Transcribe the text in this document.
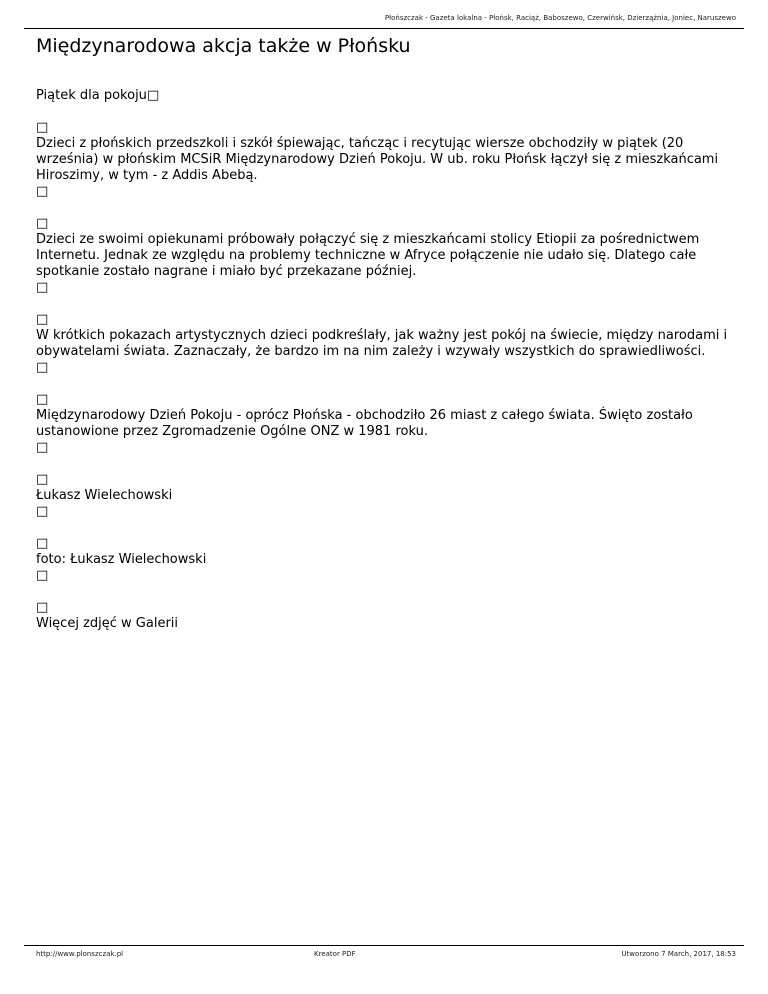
Płońszczak - Gazeta lokalna - Płońsk, Raciąż, Baboszewo, Czerwińsk, Dzierzążnia, Joniec, Naruszewo
Międzynarodowa akcja także w Płońsku

Piątek dla pokoju□

□

Dzieci z płońskich przedszkoli i szkół śpiewając, tańcząc i recytując wiersze obchodziły w piątek (20 września) w płońskim MCSiR Międzynarodowy Dzień Pokoju. W ub. roku Płońsk łączył się z mieszkańcami Hiroszimy, w tym - z Addis Abebą.

□
□

Dzieci ze swoimi opiekunami próbowały połączyć się z mieszkańcami stolicy Etiopii za pośrednictwem Internetu. Jednak ze względu na problemy techniczne w Afryce połączenie nie udało się. Dlatego całe spotkanie zostało nagrane i miało być przekazane później.

□
□

W krótkich pokazach artystycznych dzieci podkreślały, jak ważny jest pokój na świecie, między narodami i obywatelami świata. Zaznaczały, że bardzo im na nim zależy i wzywały wszystkich do sprawiedliwości.

□
□

Międzynarodowy Dzień Pokoju - oprócz Płońska - obchodziło 26 miast z całego świata. Święto zostało ustanowione przez Zgromadzenie Ogólne ONZ w 1981 roku.

□
□

Łukasz Wielechowski

□
□

foto: Łukasz Wielechowski

□
□

Więcej zdjęć w Galerii

http://www.plonszczak.pl	Kreator PDF	Utworzono 7 March, 2017, 18:53
